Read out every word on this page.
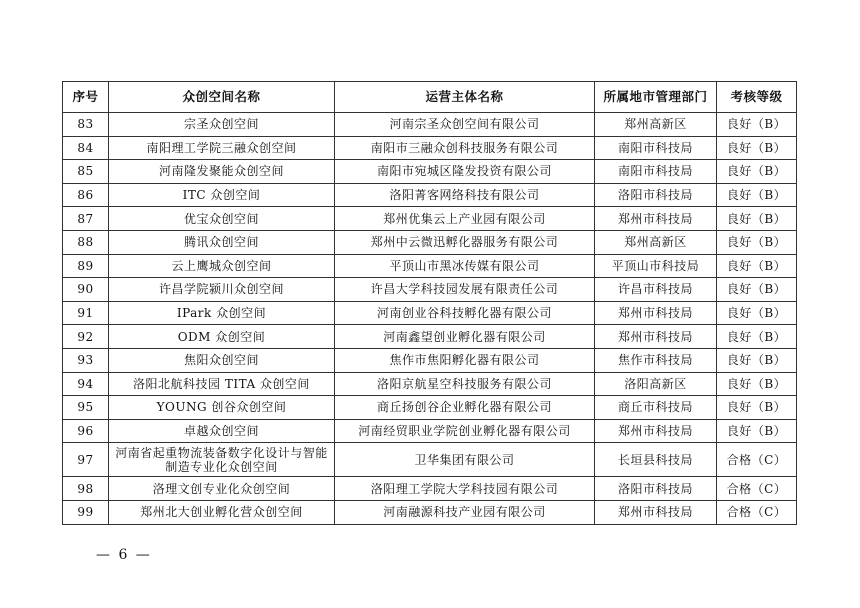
序号	众创空间名称	运营主体名称	所属地市管理部门	考核等级
83	宗圣众创空间	河南宗圣众创空间有限公司	郑州高新区	良好（B）
84	南阳理工学院三融众创空间	南阳市三融众创科技服务有限公司	南阳市科技局	良好（B）
85	河南隆发聚能众创空间	南阳市宛城区隆发投资有限公司	南阳市科技局	良好（B）
86	ITC 众创空间	洛阳菁客网络科技有限公司	洛阳市科技局	良好（B）
87	优宝众创空间	郑州优集云上产业园有限公司	郑州市科技局	良好（B）
88	腾讯众创空间	郑州中云微迅孵化器服务有限公司	郑州高新区	良好（B）
89	云上鹰城众创空间	平顶山市黑冰传媒有限公司	平顶山市科技局	良好（B）
90	许昌学院颍川众创空间	许昌大学科技园发展有限责任公司	许昌市科技局	良好（B）
91	IPark 众创空间	河南创业谷科技孵化器有限公司	郑州市科技局	良好（B）
92	ODM 众创空间	河南鑫望创业孵化器有限公司	郑州市科技局	良好（B）
93	焦阳众创空间	焦作市焦阳孵化器有限公司	焦作市科技局	良好（B）
94	洛阳北航科技园 TITA 众创空间	洛阳京航星空科技服务有限公司	洛阳高新区	良好（B）
95	YOUNG 创谷众创空间	商丘扬创谷企业孵化器有限公司	商丘市科技局	良好（B）
96	卓越众创空间	河南经贸职业学院创业孵化器有限公司	郑州市科技局	良好（B）
97	河南省起重物流装备数字化设计与智能制造专业化众创空间	卫华集团有限公司	长垣县科技局	合格（C）
98	洛理文创专业化众创空间	洛阳理工学院大学科技园有限公司	洛阳市科技局	合格（C）
99	郑州北大创业孵化营众创空间	河南融源科技产业园有限公司	郑州市科技局	合格（C）
— 6 —
